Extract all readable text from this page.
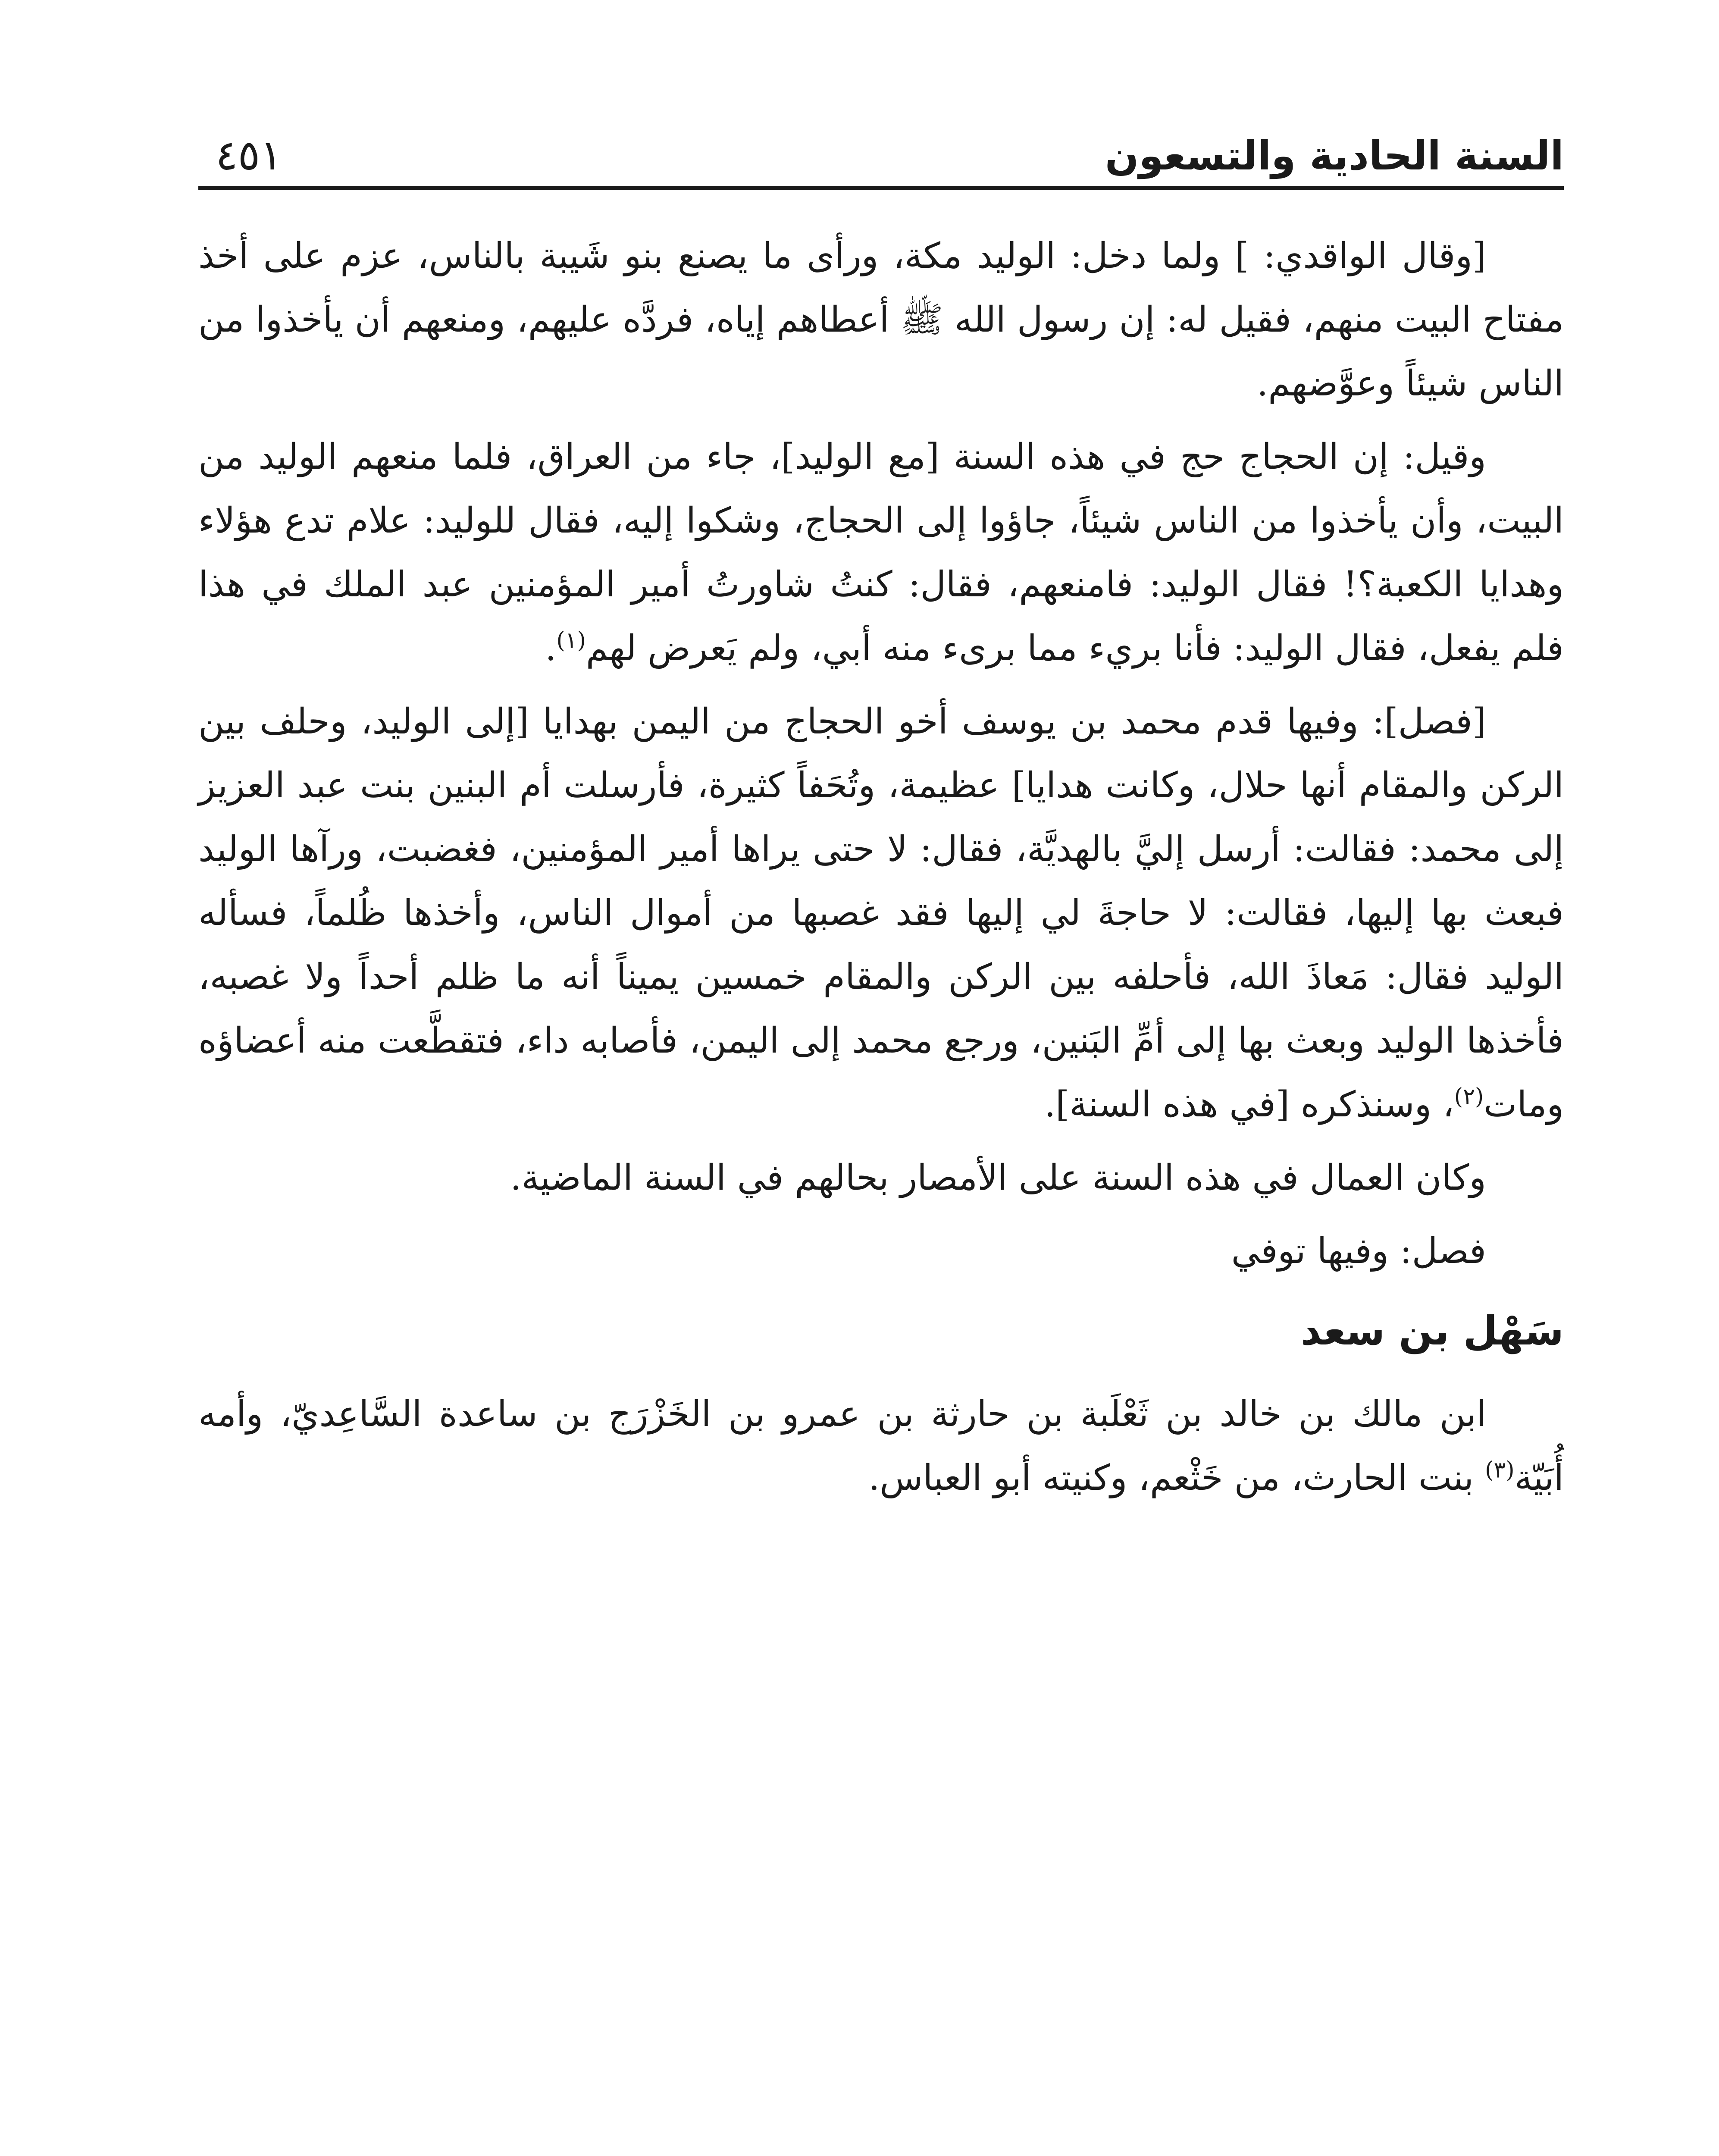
السنة الحادية والتسعون
٤٥١

[وقال الواقدي: ] ولما دخل: الوليد مكة، ورأى ما يصنع بنو شَيبة بالناس، عزم على أخذ مفتاح البيت منهم، فقيل له: إن رسول الله ﷺ أعطاهم إياه، فردَّه عليهم، ومنعهم أن يأخذوا من الناس شيئاً وعوَّضهم.

وقيل: إن الحجاج حج في هذه السنة [مع الوليد]، جاء من العراق، فلما منعهم الوليد من البيت، وأن يأخذوا من الناس شيئاً، جاؤوا إلى الحجاج، وشكوا إليه، فقال للوليد: علام تدع هؤلاء وهدايا الكعبة؟! فقال الوليد: فامنعهم، فقال: كنتُ شاورتُ أمير المؤمنين عبد الملك في هذا فلم يفعل، فقال الوليد: فأنا بريء مما برىء منه أبي، ولم يَعرض لهم$^{(١)}$.

[فصل]: وفيها قدم محمد بن يوسف أخو الحجاج من اليمن بهدايا [إلى الوليد، وحلف بين الركن والمقام أنها حلال، وكانت هدايا] عظيمة، وتُحَفاً كثيرة، فأرسلت أم البنين بنت عبد العزيز إلى محمد: فقالت: أرسل إليَّ بالهديَّة، فقال: لا حتى يراها أمير المؤمنين، فغضبت، ورآها الوليد فبعث بها إليها، فقالت: لا حاجةَ لي إليها فقد غصبها من أموال الناس، وأخذها ظُلماً، فسأله الوليد فقال: مَعاذَ الله، فأحلفه بين الركن والمقام خمسين يميناً أنه ما ظلم أحداً ولا غصبه، فأخذها الوليد وبعث بها إلى أمِّ البَنين، ورجع محمد إلى اليمن، فأصابه داء، فتقطَّعت منه أعضاؤه ومات$^{(٢)}$، وسنذكره [في هذه السنة].

وكان العمال في هذه السنة على الأمصار بحالهم في السنة الماضية.

فصل: وفيها توفي

سَهْل بن سعد

ابن مالك بن خالد بن ثَعْلَبة بن حارثة بن عمرو بن الخَزْرَج بن ساعدة السَّاعِديّ، وأمه أُبَيّة$^{(٣)}$ بنت الحارث، من خَثْعم، وكنيته أبو العباس.
